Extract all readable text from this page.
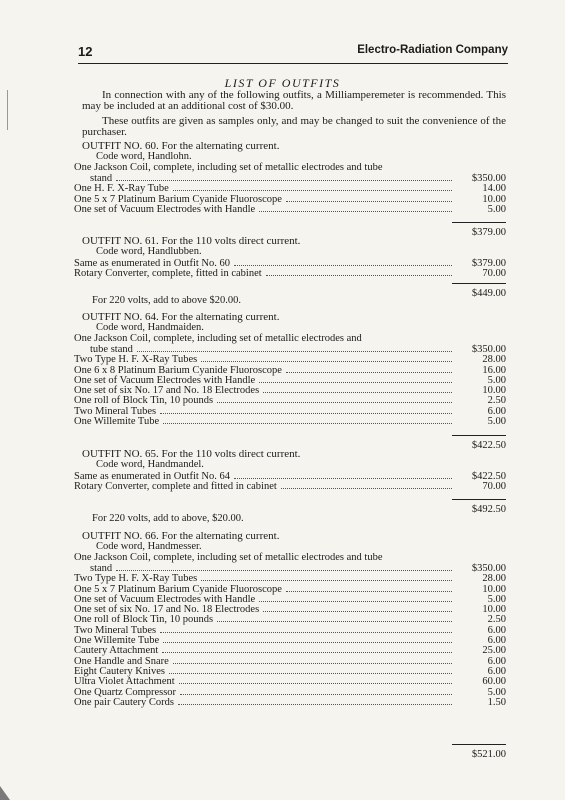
12	Electro-Radiation Company
LIST OF OUTFITS
In connection with any of the following outfits, a Milliamperemeter is recommended. This may be included at an additional cost of $30.00.
These outfits are given as samples only, and may be changed to suit the convenience of the purchaser.
OUTFIT NO. 60. For the alternating current.
Code word, Handlohn.
One Jackson Coil, complete, including set of metallic electrodes and tube
stand	$350.00
One H. F. X-Ray Tube	14.00
One 5 x 7 Platinum Barium Cyanide Fluoroscope	10.00
One set of Vacuum Electrodes with Handle	5.00
$379.00
OUTFIT NO. 61. For the 110 volts direct current.
Code word, Handlubben.
Same as enumerated in Outfit No. 60	$379.00
Rotary Converter, complete, fitted in cabinet	70.00
$449.00
For 220 volts, add to above $20.00.
OUTFIT NO. 64. For the alternating current.
Code word, Handmaiden.
One Jackson Coil, complete, including set of metallic electrodes and
tube stand	$350.00
Two Type H. F. X-Ray Tubes	28.00
One 6 x 8 Platinum Barium Cyanide Fluoroscope	16.00
One set of Vacuum Electrodes with Handle	5.00
One set of six No. 17 and No. 18 Electrodes	10.00
One roll of Block Tin, 10 pounds	2.50
Two Mineral Tubes	6.00
One Willemite Tube	5.00
$422.50
OUTFIT NO. 65. For the 110 volts direct current.
Code word, Handmandel.
Same as enumerated in Outfit No. 64	$422.50
Rotary Converter, complete and fitted in cabinet	70.00
$492.50
For 220 volts, add to above, $20.00.
OUTFIT NO. 66. For the alternating current.
Code word, Handmesser.
One Jackson Coil, complete, including set of metallic electrodes and tube
stand	$350.00
Two Type H. F. X-Ray Tubes	28.00
One 5 x 7 Platinum Barium Cyanide Fluoroscope	10.00
One set of Vacuum Electrodes with Handle	5.00
One set of six No. 17 and No. 18 Electrodes	10.00
One roll of Block Tin, 10 pounds	2.50
Two Mineral Tubes	6.00
One Willemite Tube	6.00
Cautery Attachment	25.00
One Handle and Snare	6.00
Eight Cautery Knives	6.00
Ultra Violet Attachment	60.00
One Quartz Compressor	5.00
One pair Cautery Cords	1.50
$521.00
